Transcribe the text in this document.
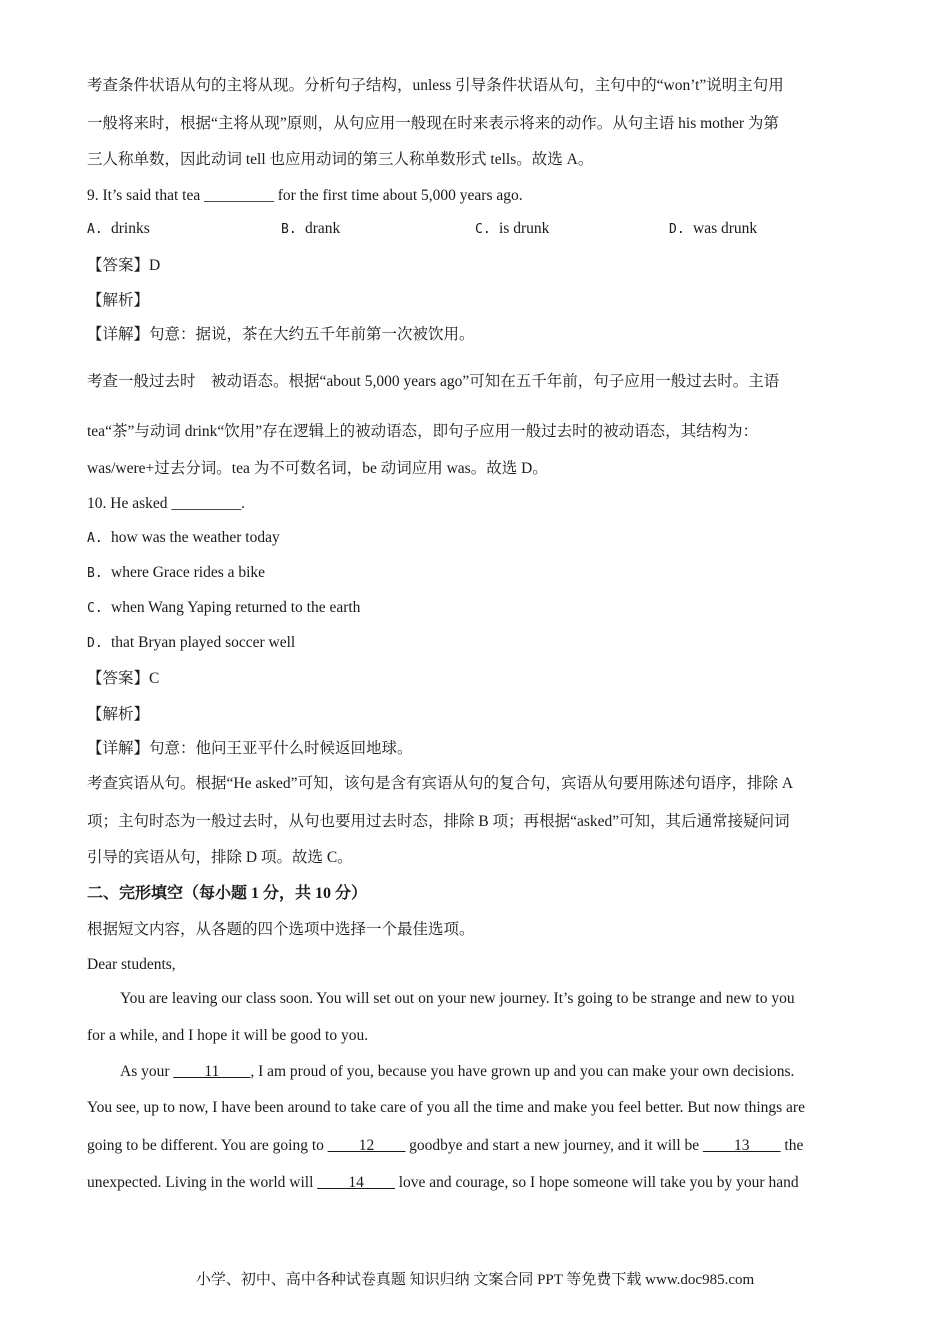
考查条件状语从句的主将从现。分析句子结构，unless 引导条件状语从句，主句中的“won’t”说明主句用
一般将来时，根据“主将从现”原则，从句应用一般现在时来表示将来的动作。从句主语 his mother 为第
三人称单数，因此动词 tell 也应用动词的第三人称单数形式 tells。故选 A。
9. It’s said that tea _________ for the first time about 5,000 years ago.
A. drinks	B. drank	C. is drunk	D. was drunk
【答案】D
【解析】
【详解】句意：据说，茶在大约五千年前第一次被饮用。
考查一般过去时　被动语态。根据“about 5,000 years ago”可知在五千年前，句子应用一般过去时。主语
tea“茶”与动词 drink“饮用”存在逻辑上的被动语态，即句子应用一般过去时的被动语态，其结构为：
was/were+过去分词。tea 为不可数名词，be 动词应用 was。故选 D。
10. He asked _________.
A. how was the weather today
B. where Grace rides a bike
C. when Wang Yaping returned to the earth
D. that Bryan played soccer well
【答案】C
【解析】
【详解】句意：他问王亚平什么时候返回地球。
考查宾语从句。根据“He asked”可知，该句是含有宾语从句的复合句，宾语从句要用陈述句语序，排除 A
项；主句时态为一般过去时，从句也要用过去时态，排除 B 项；再根据“asked”可知，其后通常接疑问词
引导的宾语从句，排除 D 项。故选 C。
二、完形填空（每小题 1 分，共 10 分）
根据短文内容，从各题的四个选项中选择一个最佳选项。
Dear students,
You are leaving our class soon. You will set out on your new journey. It’s going to be strange and new to you
for a while, and I hope it will be good to you.
As your ____11____, I am proud of you, because you have grown up and you can make your own decisions.
You see, up to now, I have been around to take care of you all the time and make you feel better. But now things are
going to be different. You are going to ____12____ goodbye and start a new journey, and it will be ____13____ the
unexpected. Living in the world will ____14____ love and courage, so I hope someone will take you by your hand
小学、初中、高中各种试卷真题 知识归纳 文案合同 PPT 等免费下载 www.doc985.com
